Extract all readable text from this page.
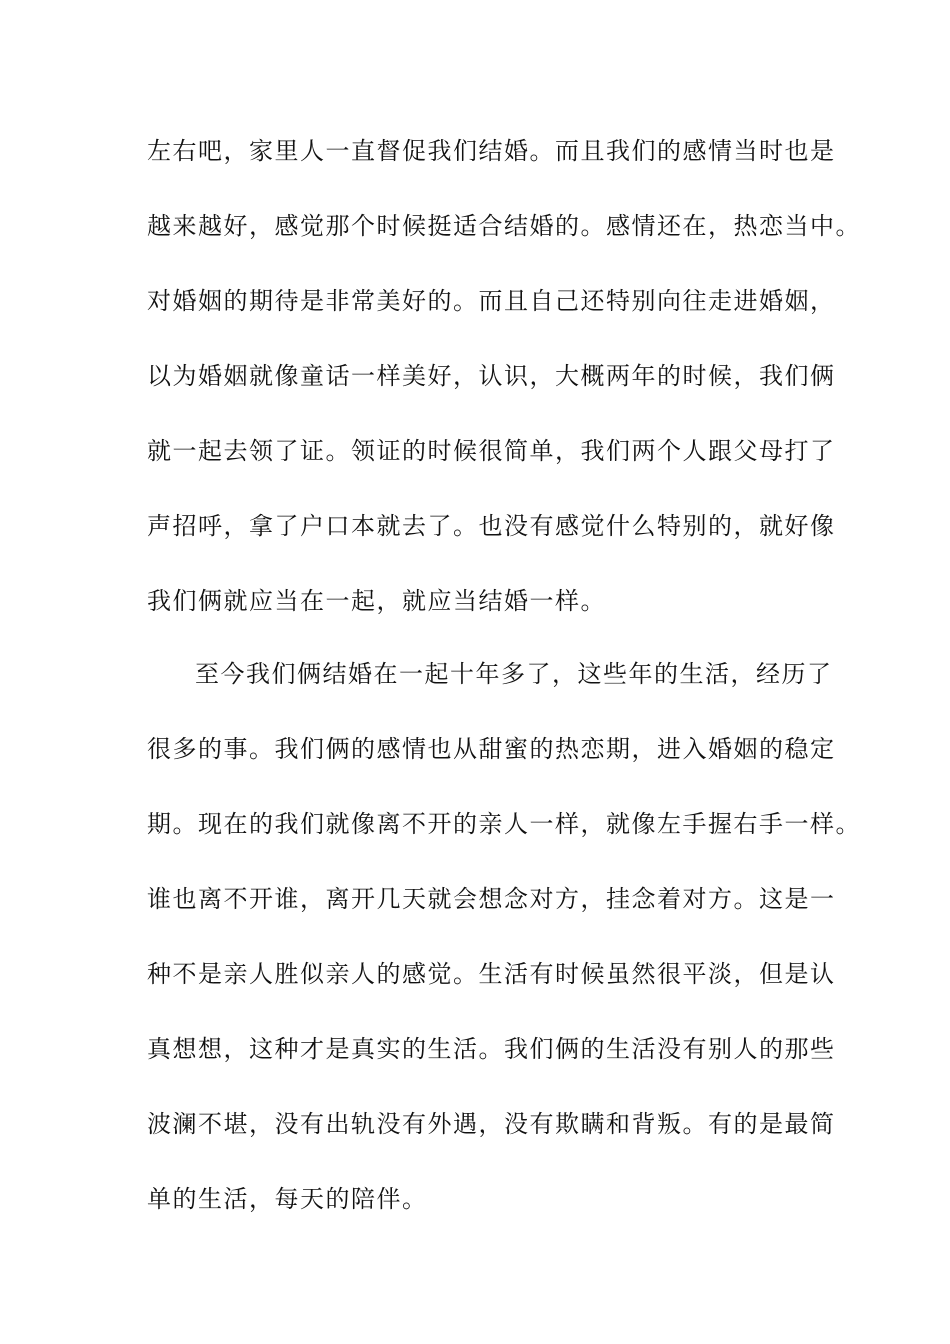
左右吧，家里人一直督促我们结婚。而且我们的感情当时也是
越来越好，感觉那个时候挺适合结婚的。感情还在，热恋当中。
对婚姻的期待是非常美好的。而且自己还特别向往走进婚姻，
以为婚姻就像童话一样美好，认识，大概两年的时候，我们俩
就一起去领了证。领证的时候很简单，我们两个人跟父母打了
声招呼，拿了户口本就去了。也没有感觉什么特别的，就好像
我们俩就应当在一起，就应当结婚一样。
至今我们俩结婚在一起十年多了，这些年的生活，经历了
很多的事。我们俩的感情也从甜蜜的热恋期，进入婚姻的稳定
期。现在的我们就像离不开的亲人一样，就像左手握右手一样。
谁也离不开谁，离开几天就会想念对方，挂念着对方。这是一
种不是亲人胜似亲人的感觉。生活有时候虽然很平淡，但是认
真想想，这种才是真实的生活。我们俩的生活没有别人的那些
波澜不堪，没有出轨没有外遇，没有欺瞒和背叛。有的是最简
单的生活，每天的陪伴。
